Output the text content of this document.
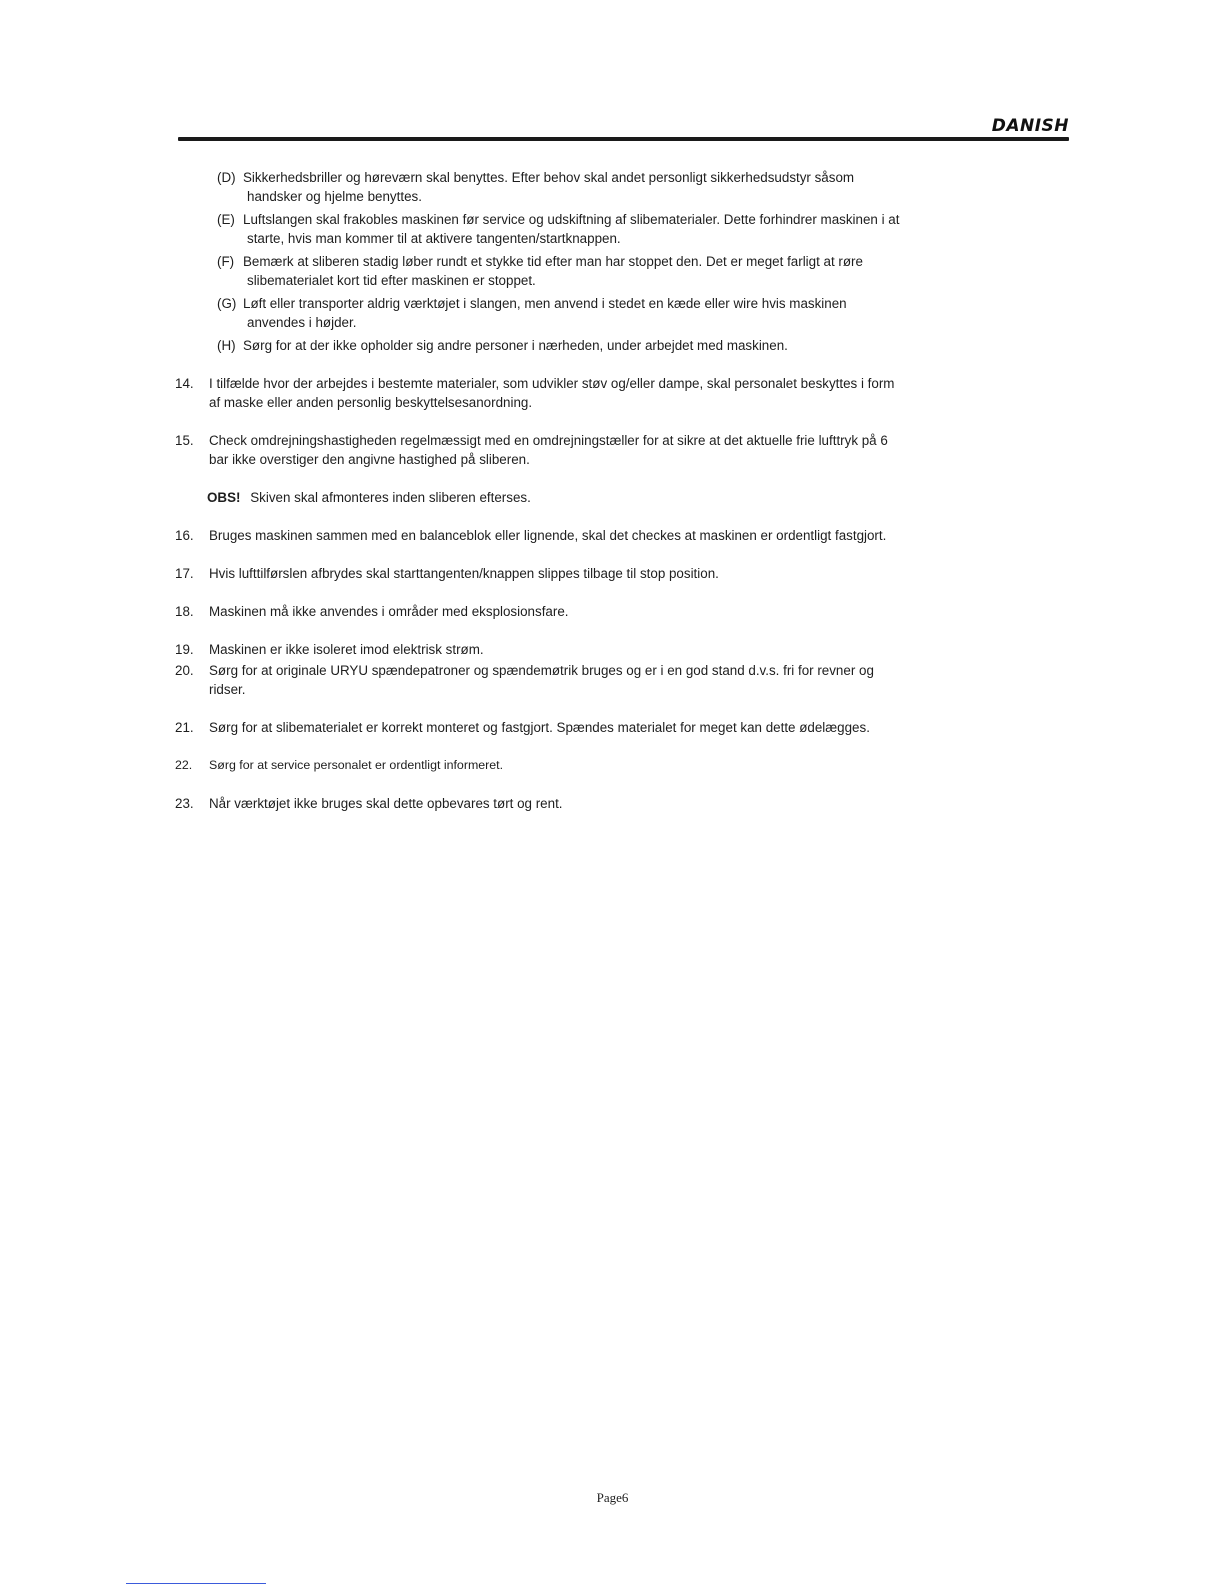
DANISH
(D) Sikkerhedsbriller og høreværn skal benyttes. Efter behov skal andet personligt sikkerhedsudstyr såsom
handsker og hjelme benyttes.
(E) Luftslangen skal frakobles maskinen før service og udskiftning af slibematerialer. Dette forhindrer maskinen i at
starte, hvis man kommer til at aktivere tangenten/startknappen.
(F) Bemærk at sliberen stadig løber rundt et stykke tid efter man har stoppet den. Det er meget farligt at røre
slibematerialet kort tid efter maskinen er stoppet.
(G) Løft eller transporter aldrig værktøjet i slangen, men anvend i stedet en kæde eller wire hvis maskinen
anvendes i højder.
(H) Sørg for at der ikke opholder sig andre personer i nærheden, under arbejdet med maskinen.
14.	I tilfælde hvor der arbejdes i bestemte materialer, som udvikler støv og/eller dampe, skal personalet beskyttes i form
af maske eller anden personlig beskyttelsesanordning.
15.	Check omdrejningshastigheden regelmæssigt med en omdrejningstæller for at sikre at det aktuelle frie lufttryk på 6
bar ikke overstiger den angivne hastighed på sliberen.
OBS! Skiven skal afmonteres inden sliberen efterses.
16.	Bruges maskinen sammen med en balanceblok eller lignende, skal det checkes at maskinen er ordentligt fastgjort.
17.	Hvis lufttilførslen afbrydes skal starttangenten/knappen slippes tilbage til stop position.
18.	Maskinen må ikke anvendes i områder med eksplosionsfare.
19.	Maskinen er ikke isoleret imod elektrisk strøm.
20.	Sørg for at originale URYU spændepatroner og spændemøtrik bruges og er i en god stand d.v.s. fri for revner og
ridser.
21.	Sørg for at slibematerialet er korrekt monteret og fastgjort. Spændes materialet for meget kan dette ødelægges.
22.	Sørg for at service personalet er ordentligt informeret.
23.	Når værktøjet ikke bruges skal dette opbevares tørt og rent.
Page6
